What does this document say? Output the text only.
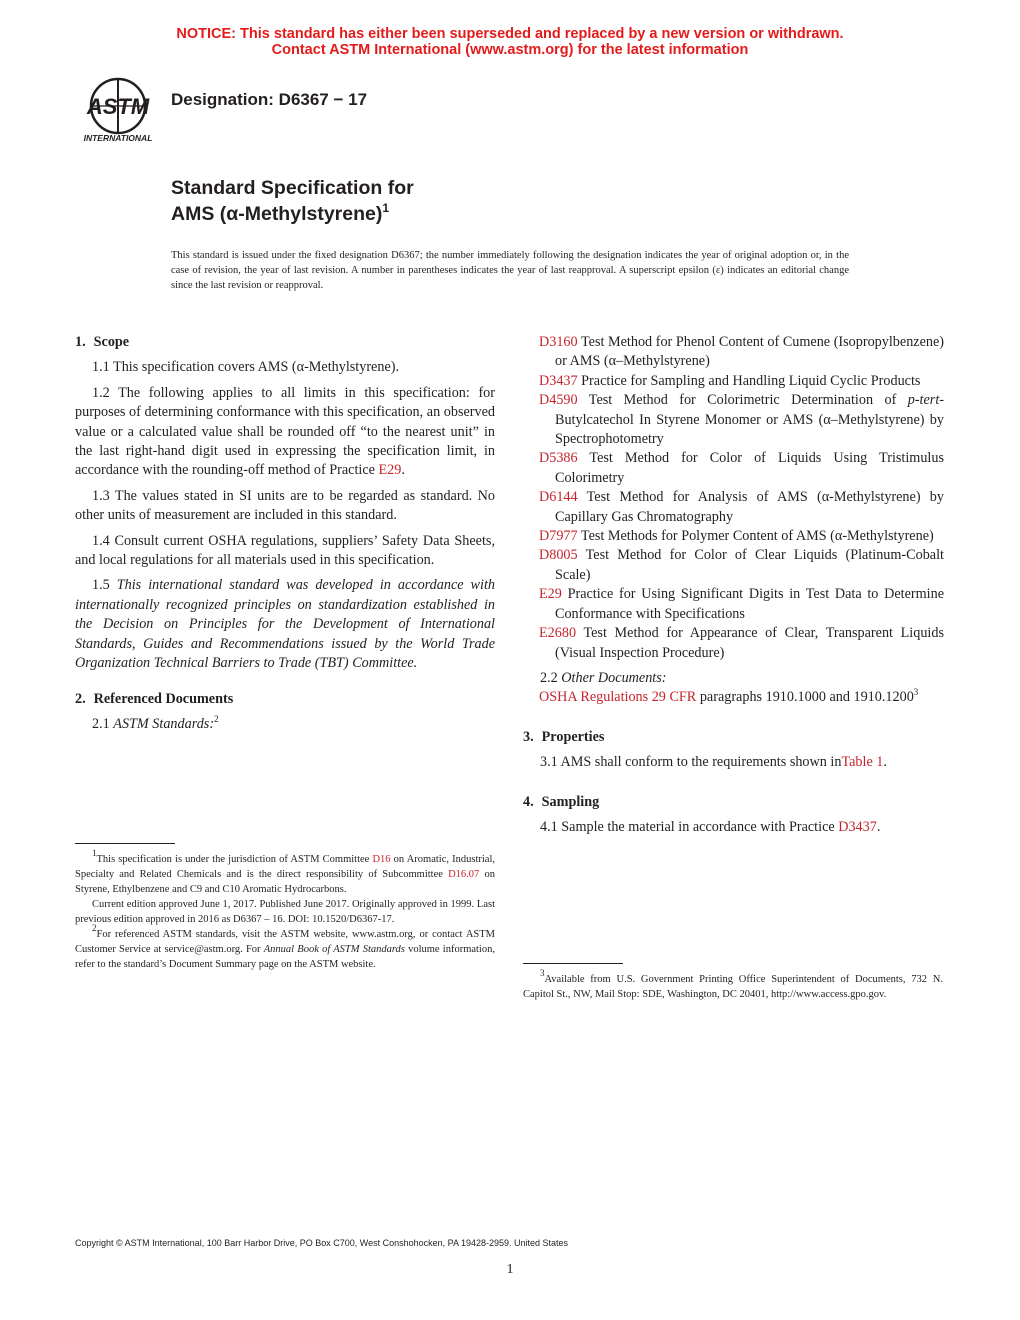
NOTICE: This standard has either been superseded and replaced by a new version or withdrawn.
Contact ASTM International (www.astm.org) for the latest information
ASTM
INTERNATIONAL
Designation: D6367 − 17
Standard Specification for
AMS (α-Methylstyrene)$^1$
This standard is issued under the fixed designation D6367; the number immediately following the designation indicates the year of original adoption or, in the case of revision, the year of last revision. A number in parentheses indicates the year of last reapproval. A superscript epsilon (ε) indicates an editorial change since the last revision or reapproval.
1. Scope

1.1 This specification covers AMS (α-Methylstyrene).

1.2 The following applies to all limits in this specification: for purposes of determining conformance with this specification, an observed value or a calculated value shall be rounded off “to the nearest unit” in the last right-hand digit used in expressing the specification limit, in accordance with the rounding-off method of Practice E29.

1.3 The values stated in SI units are to be regarded as standard. No other units of measurement are included in this standard.

1.4 Consult current OSHA regulations, suppliers’ Safety Data Sheets, and local regulations for all materials used in this specification.

1.5 This international standard was developed in accordance with internationally recognized principles on standardization established in the Decision on Principles for the Development of International Standards, Guides and Recommendations issued by the World Trade Organization Technical Barriers to Trade (TBT) Committee.

2. Referenced Documents

2.1 ASTM Standards:$^2$

$^1$This specification is under the jurisdiction of ASTM Committee D16 on Aromatic, Industrial, Specialty and Related Chemicals and is the direct responsibility of Subcommittee D16.07 on Styrene, Ethylbenzene and C9 and C10 Aromatic Hydrocarbons.

Current edition approved June 1, 2017. Published June 2017. Originally approved in 1999. Last previous edition approved in 2016 as D6367 – 16. DOI: 10.1520/D6367-17.

$^2$For referenced ASTM standards, visit the ASTM website, www.astm.org, or contact ASTM Customer Service at service@astm.org. For Annual Book of ASTM Standards volume information, refer to the standard’s Document Summary page on the ASTM website.

D3160 Test Method for Phenol Content of Cumene (Isopropylbenzene) or AMS (α–Methylstyrene)

D3437 Practice for Sampling and Handling Liquid Cyclic Products

D4590 Test Method for Colorimetric Determination of p-tert-Butylcatechol In Styrene Monomer or AMS (α–Methylstyrene) by Spectrophotometry

D5386 Test Method for Color of Liquids Using Tristimulus Colorimetry

D6144 Test Method for Analysis of AMS (α-Methylstyrene) by Capillary Gas Chromatography

D7977 Test Methods for Polymer Content of AMS (α-Methylstyrene)

D8005 Test Method for Color of Clear Liquids (Platinum-Cobalt Scale)

E29 Practice for Using Significant Digits in Test Data to Determine Conformance with Specifications

E2680 Test Method for Appearance of Clear, Transparent Liquids (Visual Inspection Procedure)

2.2 Other Documents:

OSHA Regulations 29 CFR paragraphs 1910.1000 and 1910.1200$^3$

3. Properties

3.1 AMS shall conform to the requirements shown inTable 1.

4. Sampling

4.1 Sample the material in accordance with Practice D3437.

$^3$Available from U.S. Government Printing Office Superintendent of Documents, 732 N. Capitol St., NW, Mail Stop: SDE, Washington, DC 20401, http://www.access.gpo.gov.

Copyright © ASTM International, 100 Barr Harbor Drive, PO Box C700, West Conshohocken, PA 19428-2959. United States
1
